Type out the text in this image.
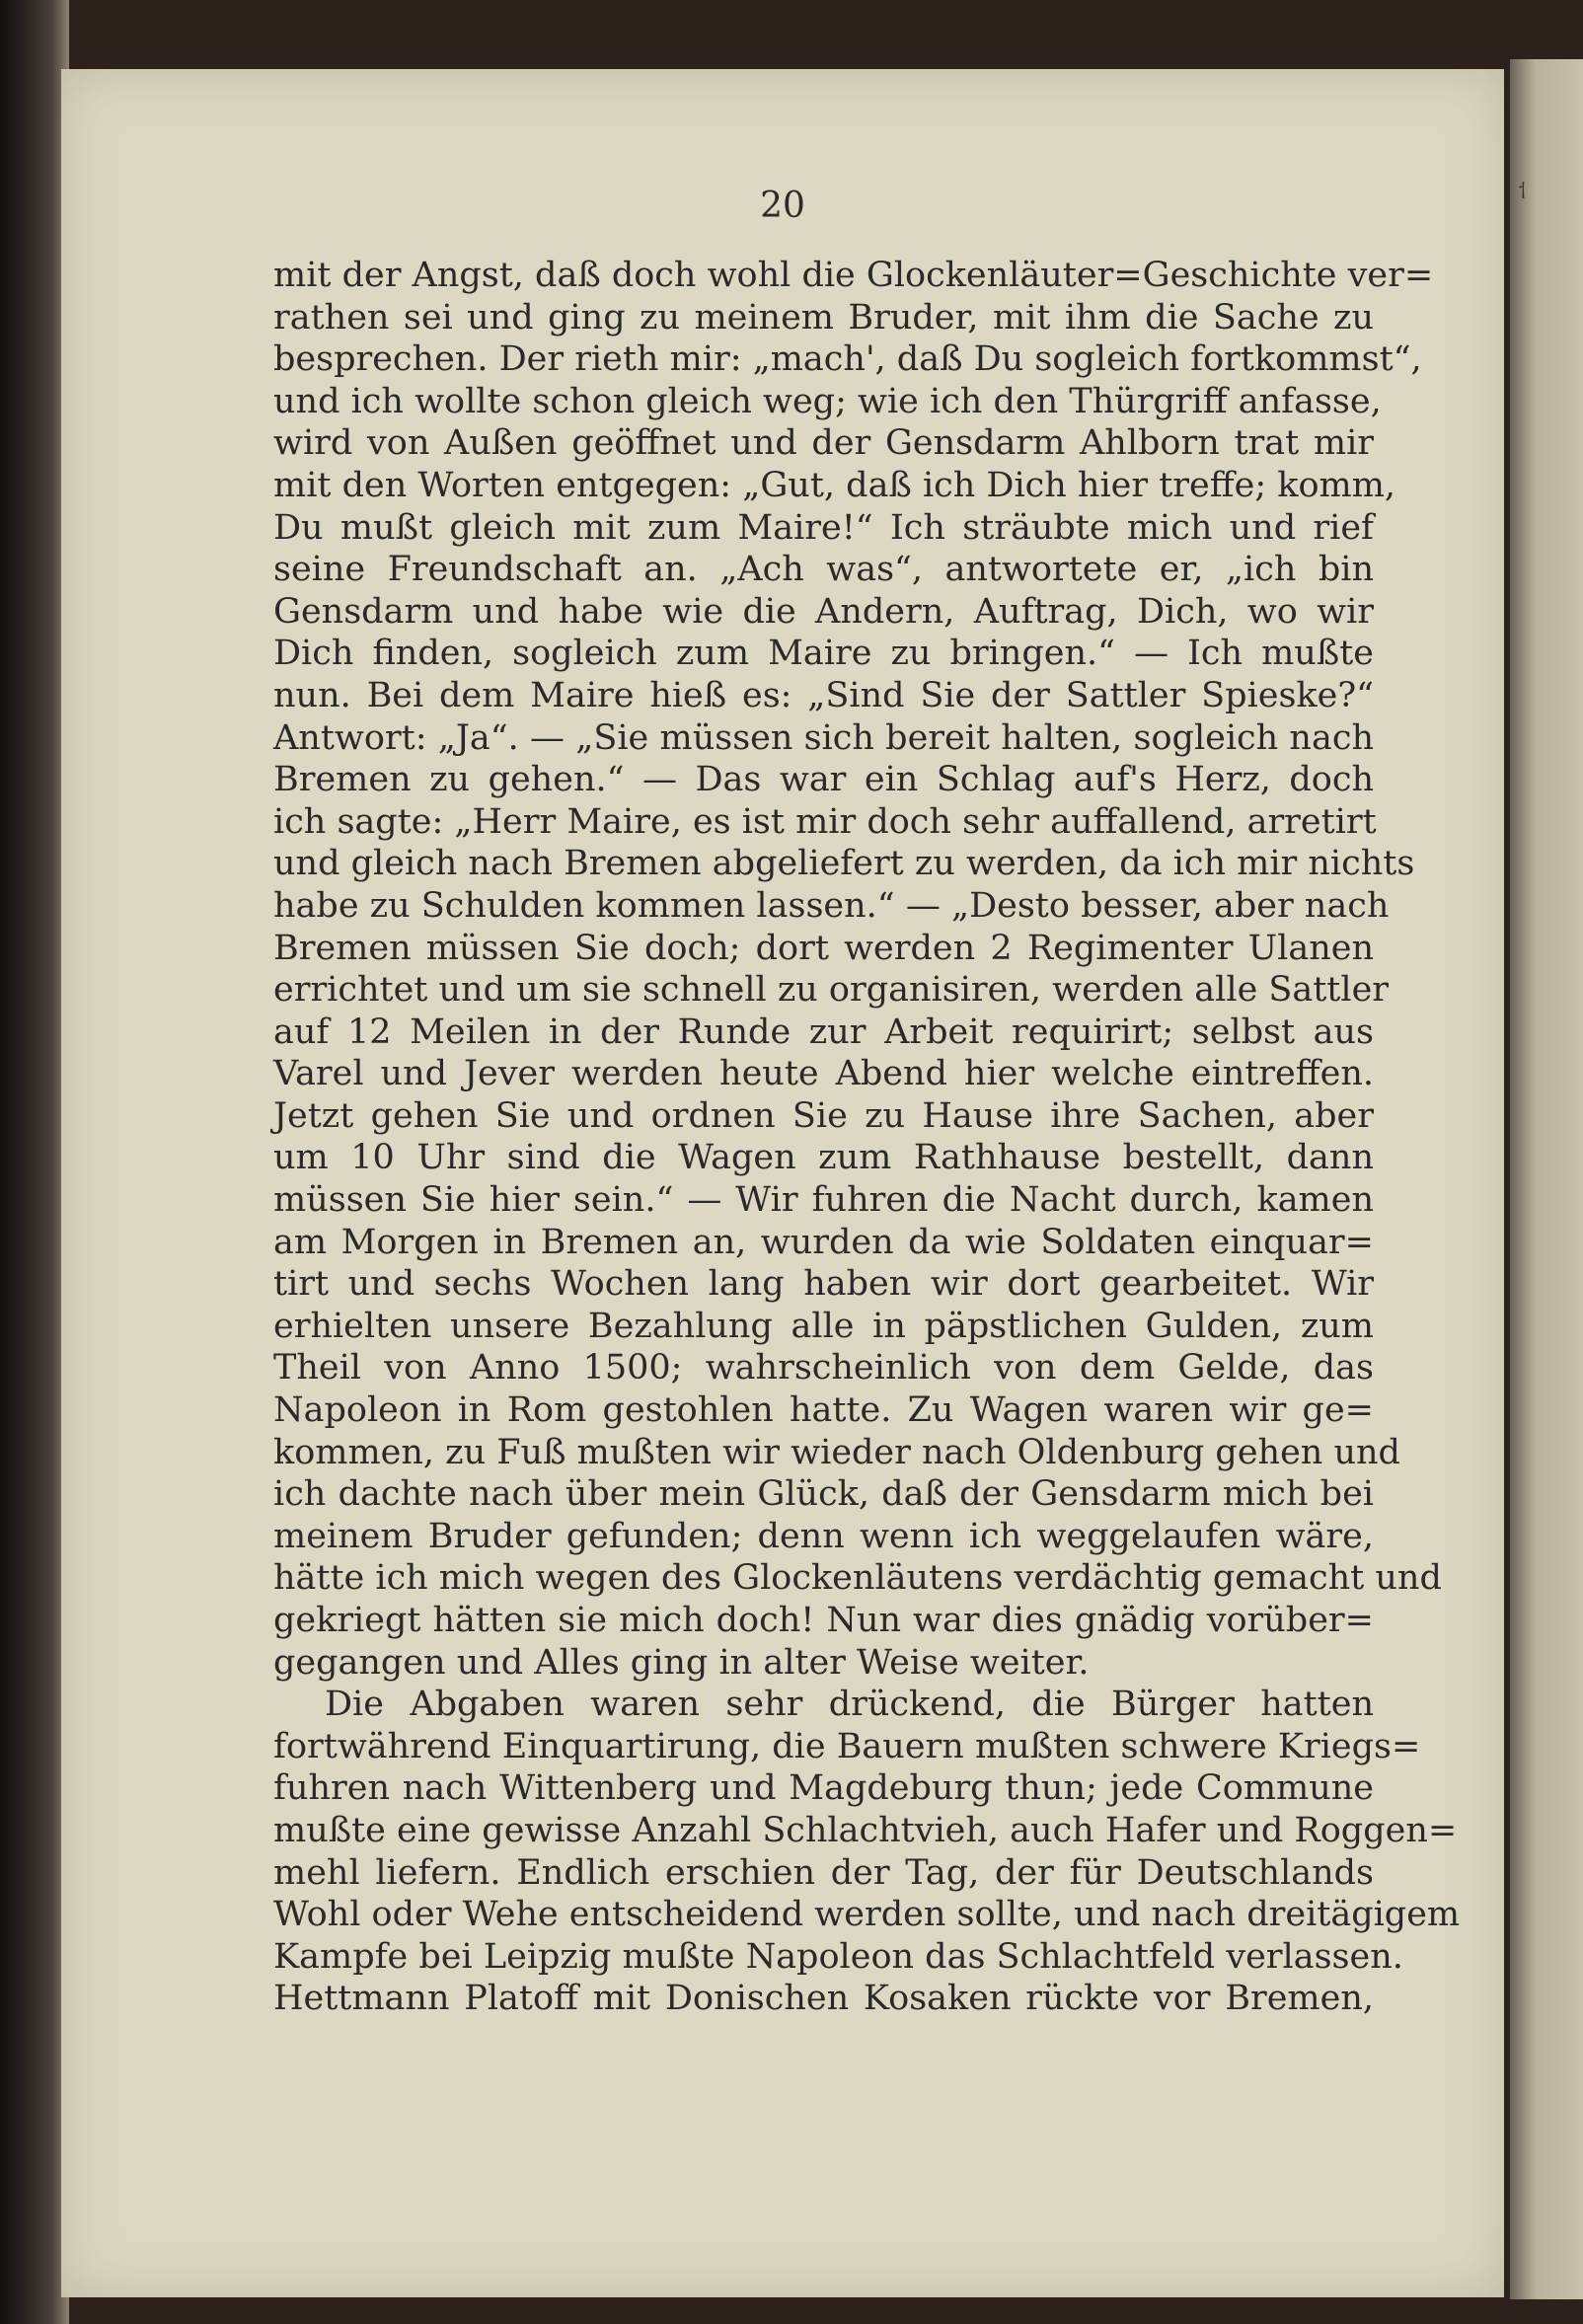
⸶
20
mit der Angst, daß doch wohl die Glockenläuter=Geschichte ver=
rathen sei und ging zu meinem Bruder, mit ihm die Sache zu
besprechen. Der rieth mir: „mach', daß Du sogleich fortkommst“,
und ich wollte schon gleich weg; wie ich den Thürgriff anfasse,
wird von Außen geöffnet und der Gensdarm Ahlborn trat mir
mit den Worten entgegen: „Gut, daß ich Dich hier treffe; komm,
Du mußt gleich mit zum Maire!“ Ich sträubte mich und rief
seine Freundschaft an. „Ach was“, antwortete er, „ich bin
Gensdarm und habe wie die Andern, Auftrag, Dich, wo wir
Dich finden, sogleich zum Maire zu bringen.“ — Ich mußte
nun. Bei dem Maire hieß es: „Sind Sie der Sattler Spieske?“
Antwort: „Ja“. — „Sie müssen sich bereit halten, sogleich nach
Bremen zu gehen.“ — Das war ein Schlag auf's Herz, doch
ich sagte: „Herr Maire, es ist mir doch sehr auffallend, arretirt
und gleich nach Bremen abgeliefert zu werden, da ich mir nichts
habe zu Schulden kommen lassen.“ — „Desto besser, aber nach
Bremen müssen Sie doch; dort werden 2 Regimenter Ulanen
errichtet und um sie schnell zu organisiren, werden alle Sattler
auf 12 Meilen in der Runde zur Arbeit requirirt; selbst aus
Varel und Jever werden heute Abend hier welche eintreffen.
Jetzt gehen Sie und ordnen Sie zu Hause ihre Sachen, aber
um 10 Uhr sind die Wagen zum Rathhause bestellt, dann
müssen Sie hier sein.“ — Wir fuhren die Nacht durch, kamen
am Morgen in Bremen an, wurden da wie Soldaten einquar=
tirt und sechs Wochen lang haben wir dort gearbeitet. Wir
erhielten unsere Bezahlung alle in päpstlichen Gulden, zum
Theil von Anno 1500; wahrscheinlich von dem Gelde, das
Napoleon in Rom gestohlen hatte. Zu Wagen waren wir ge=
kommen, zu Fuß mußten wir wieder nach Oldenburg gehen und
ich dachte nach über mein Glück, daß der Gensdarm mich bei
meinem Bruder gefunden; denn wenn ich weggelaufen wäre,
hätte ich mich wegen des Glockenläutens verdächtig gemacht und
gekriegt hätten sie mich doch! Nun war dies gnädig vorüber=
gegangen und Alles ging in alter Weise weiter.
Die Abgaben waren sehr drückend, die Bürger hatten
fortwährend Einquartirung, die Bauern mußten schwere Kriegs=
fuhren nach Wittenberg und Magdeburg thun; jede Commune
mußte eine gewisse Anzahl Schlachtvieh, auch Hafer und Roggen=
mehl liefern. Endlich erschien der Tag, der für Deutschlands
Wohl oder Wehe entscheidend werden sollte, und nach dreitägigem
Kampfe bei Leipzig mußte Napoleon das Schlachtfeld verlassen.
Hettmann Platoff mit Donischen Kosaken rückte vor Bremen,
